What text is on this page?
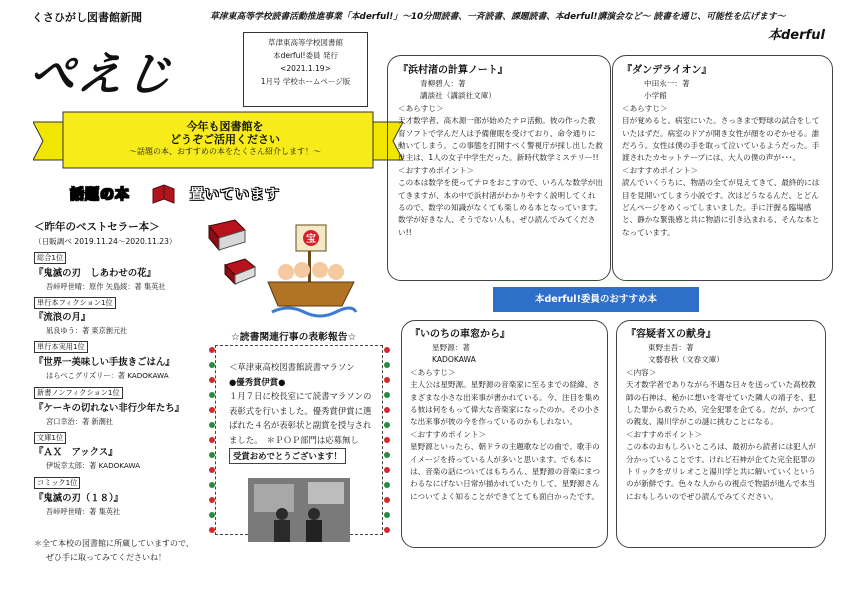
くさひがし図書館新聞	草津東高等学校読書活動推進事業「本derful!」～10分間読書、一斉読書、課題読書、本derful!講演会など～ 読書を通じ、可能性を広げます～
本derful
ぺえじ
草津東高等学校図書館
本derful!委員 発行
<2021.1.19>
1月号 学校ホームページ版
今年も図書館を
どうぞご活用ください
～話題の本、おすすめの本をたくさん紹介します！～
話題の本	置いています
宝
＜昨年のベストセラー本＞
（日販調べ 2019.11.24～2020.11.23）
総合1位
『鬼滅の刃　しあわせの花』
吾峠呼世晴：原作 矢島綾：著 集英社
単行本フィクション1位
『流浪の月』
凪良ゆう：著 東京創元社
単行本実用1位
『世界一美味しい手抜きごはん』
はらぺこグリズリー：著 KADOKAWA
新書ノンフィクション1位
『ケーキの切れない非行少年たち』
宮口幸治：著 新潮社
文庫1位
『ＡＸ　アックス』
伊坂幸太郎：著 KADOKAWA
コミック1位
『鬼滅の刃（１８）』
吾峠呼世晴：著 集英社
＊全て本校の図書館に所蔵していますので、
ぜひ手に取ってみてくださいね！
☆読書関連行事の表彰報告☆
＜草津東高校図書館読書マラソン
●優秀賞伊賞●
１月７日に校長室にて読書マラソンの表彰式を行いました。優秀賞伊賞に選ばれた４名が表彰状と副賞を授与されました。　＊ＰＯＰ部門は応募無し
受賞おめでとうございます！
『浜村渚の計算ノート』
青柳碧人：著
講談社（講談社文庫）
＜あらすじ＞

天才数学者、高木源一郎が始めたテロ活動。彼の作った教育ソフトで学んだ人は予備催眠を受けており、命令通りに動いてしまう。この事態を打開すべく警視庁が採し出した救世主は、1人の女子中学生だった。新時代数学ミステリー!!

＜おすすめポイント＞

この本は数学を使ってテロをおこすので、いろんな数学が出てきますが、本の中で浜村渚がわかりやすく説明してくれるので、数学の知識がなくても楽しめる本となっています。数学が好きな人、そうでない人も、ぜひ読んでみてください!!

『ダンデライオン』
中田永一：著
小学館
＜あらすじ＞

目が覚めると、病室にいた。さっきまで野球の試合をしていたはずだ。病室のドアが開き女性が顔をのぞかせる。誰だろう。女性は僕の手を取って泣いているようだった。手渡されたカセットテープには、大人の僕の声が･･･。

＜おすすめポイント＞

読んでいくうちに、物語の全てが見えてきて、最終的には目を見開いてしまう小説です。次はどうなるんだ、とどんどんページをめくってしまいました。手に汗握る臨場感と、静かな緊張感と共に物語に引き込まれる、そんな本となっています。

本derful!委員のおすすめ本
『いのちの車窓から』
星野源：著
KADOKAWA
＜あらすじ＞

主人公は星野源。星野源の音楽家に至るまでの経緯、さまざまな小さな出来事が書かれている。今、注目を集める彼は何をもって偉大な音楽家になったのか。その小さな出来事が彼の今を作っているのかもしれない。

＜おすすめポイント＞

星野源といったら、朝ドラの主題歌などの曲で、歌手のイメージを持っている人が多いと思います。でも本には、音楽の話についてはもちろん、星野源の音楽にまつわるなにげない日常が描かれていたりして、星野源さんについてよく知ることができてとても面白かったです。

『容疑者Ｘの献身』
東野圭吾：著
文藝春秋（文春文庫）
＜内容＞

天才数学者でありながら不遇な日々を送っていた高校教師の石神は、秘かに想いを寄せていた隣人の靖子を、犯した罪から救うため、完全犯罪を企てる。だが、かつての親友、湯川学がこの謎に挑むことになる。

＜おすすめポイント＞

この本のおもしろいところは、最初から読者には犯人が分かっていることです。けれど石神が企てた完全犯罪のトリックをガリレオこと湯川学と共に解いていくというのが新鮮です。色々な人からの視点で物語が進んで本当におもしろいのでぜひ読んでみてください。
